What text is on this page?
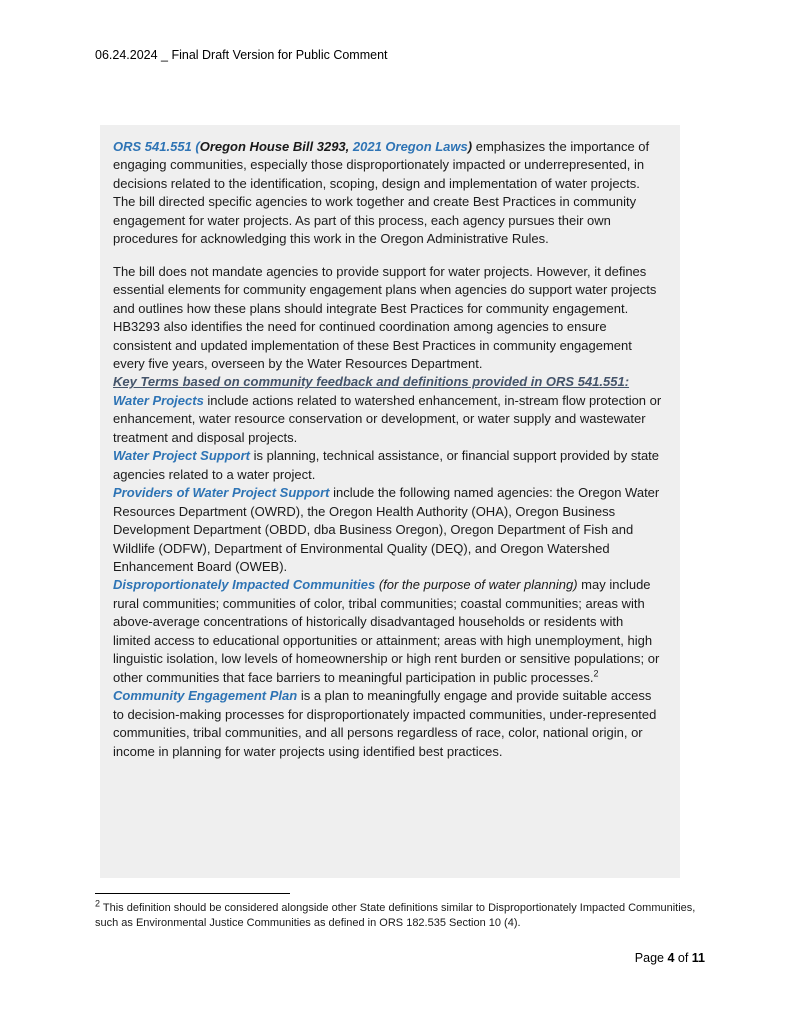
06.24.2024 _ Final Draft Version for Public Comment

ORS 541.551 (Oregon House Bill 3293, 2021 Oregon Laws) emphasizes the importance of engaging communities, especially those disproportionately impacted or underrepresented, in decisions related to the identification, scoping, design and implementation of water projects. The bill directed specific agencies to work together and create Best Practices in community engagement for water projects. As part of this process, each agency pursues their own procedures for acknowledging this work in the Oregon Administrative Rules.

The bill does not mandate agencies to provide support for water projects. However, it defines essential elements for community engagement plans when agencies do support water projects and outlines how these plans should integrate Best Practices for community engagement. HB3293 also identifies the need for continued coordination among agencies to ensure consistent and updated implementation of these Best Practices in community engagement every five years, overseen by the Water Resources Department.

Key Terms based on community feedback and definitions provided in ORS 541.551:

Water Projects include actions related to watershed enhancement, in-stream flow protection or enhancement, water resource conservation or development, or water supply and wastewater treatment and disposal projects.

Water Project Support is planning, technical assistance, or financial support provided by state agencies related to a water project.

Providers of Water Project Support include the following named agencies: the Oregon Water Resources Department (OWRD), the Oregon Health Authority (OHA), Oregon Business Development Department (OBDD, dba Business Oregon), Oregon Department of Fish and Wildlife (ODFW), Department of Environmental Quality (DEQ), and Oregon Watershed Enhancement Board (OWEB).

Disproportionately Impacted Communities (for the purpose of water planning) may include rural communities; communities of color, tribal communities; coastal communities; areas with above-average concentrations of historically disadvantaged households or residents with limited access to educational opportunities or attainment; areas with high unemployment, high linguistic isolation, low levels of homeownership or high rent burden or sensitive populations; or other communities that face barriers to meaningful participation in public processes.$^2$

Community Engagement Plan is a plan to meaningfully engage and provide suitable access to decision-making processes for disproportionately impacted communities, under-represented communities, tribal communities, and all persons regardless of race, color, national origin, or income in planning for water projects using identified best practices.

$^2$ This definition should be considered alongside other State definitions similar to Disproportionately Impacted Communities, such as Environmental Justice Communities as defined in ORS 182.535 Section 10 (4).

Page 4 of 11
